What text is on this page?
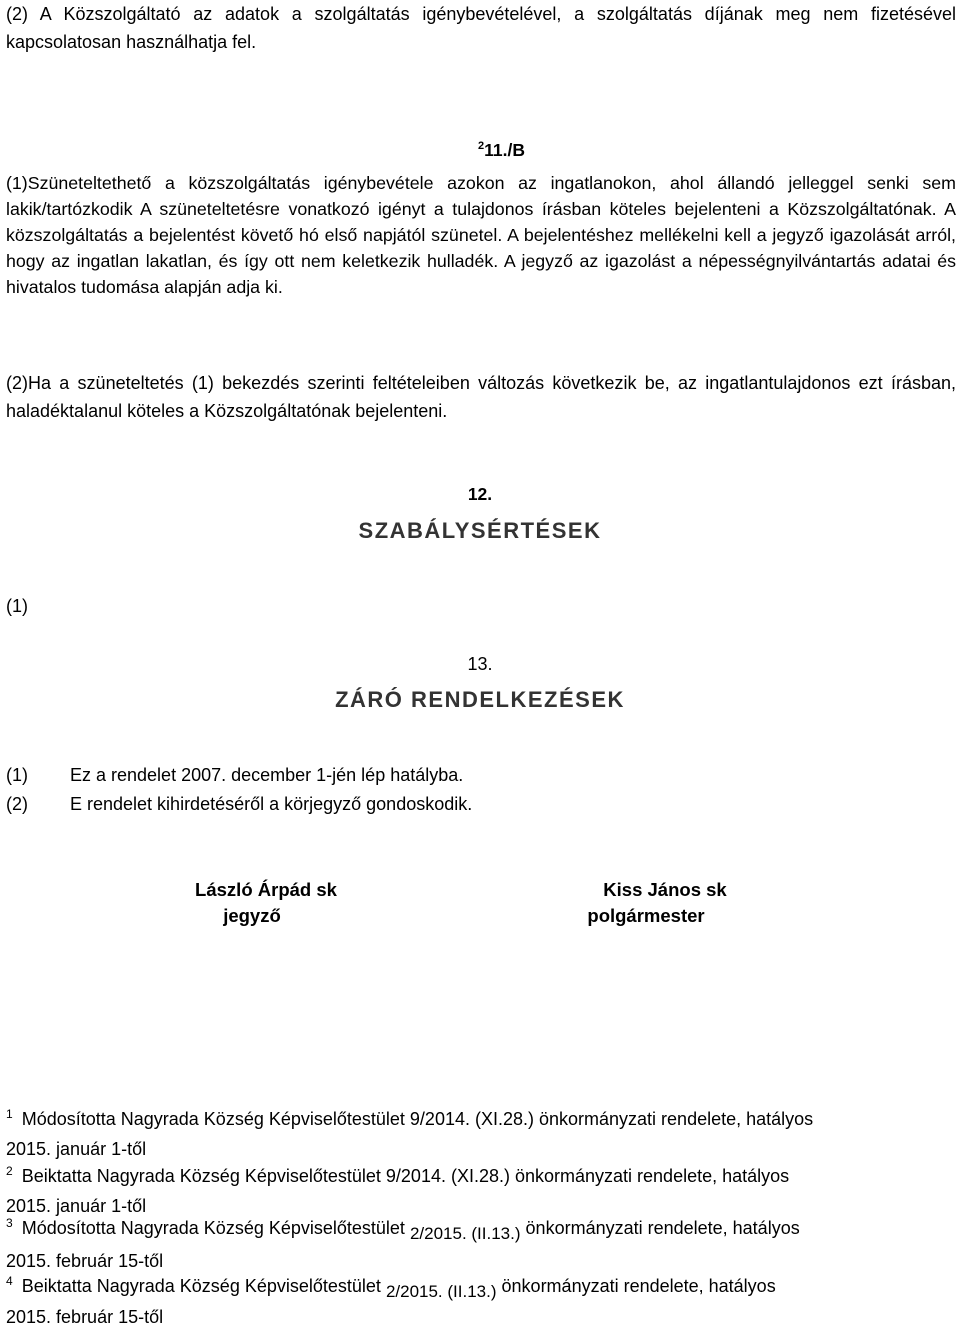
(2) A Közszolgáltató az adatok a szolgáltatás igénybevételével, a szolgáltatás díjának meg nem fizetésével kapcsolatosan használhatja fel.

$^2$11./B

(1)Szüneteltethető a közszolgáltatás igénybevétele azokon az ingatlanokon, ahol állandó jelleggel senki sem lakik/tartózkodik A szüneteltetésre vonatkozó igényt a tulajdonos írásban köteles bejelenteni a Közszolgáltatónak. A közszolgáltatás a bejelentést követő hó első napjától szünetel. A bejelentéshez mellékelni kell a jegyző igazolását arról, hogy az ingatlan lakatlan, és így ott nem keletkezik hulladék. A jegyző az igazolást a népességnyilvántartás adatai és hivatalos tudomása alapján adja ki.

(2)Ha a szüneteltetés (1) bekezdés szerinti feltételeiben változás következik be, az ingatlantulajdonos ezt írásban, haladéktalanul köteles a Közszolgáltatónak bejelenteni.

12.
SZABÁLYSÉRTÉSEK
(1)
13.
ZÁRÓ RENDELKEZÉSEK
(1) Ez a rendelet 2007. december 1-jén lép hatályba.
(2) E rendelet kihirdetéséről a körjegyző gondoskodik.
László Árpád sk
jegyző
Kiss János sk
polgármester
$^1$ Módosította Nagyrada Község Képviselőtestület 9/2014. (XI.28.) önkormányzati rendelete, hatályos
2015. január 1-től
$^2$ Beiktatta Nagyrada Község Képviselőtestület 9/2014. (XI.28.) önkormányzati rendelete, hatályos
2015. január 1-től
$^3$ Módosította Nagyrada Község Képviselőtestület 2/2015. (II.13.) önkormányzati rendelete, hatályos
2015. február 15-től
$^4$ Beiktatta Nagyrada Község Képviselőtestület 2/2015. (II.13.) önkormányzati rendelete, hatályos
2015. február 15-től
